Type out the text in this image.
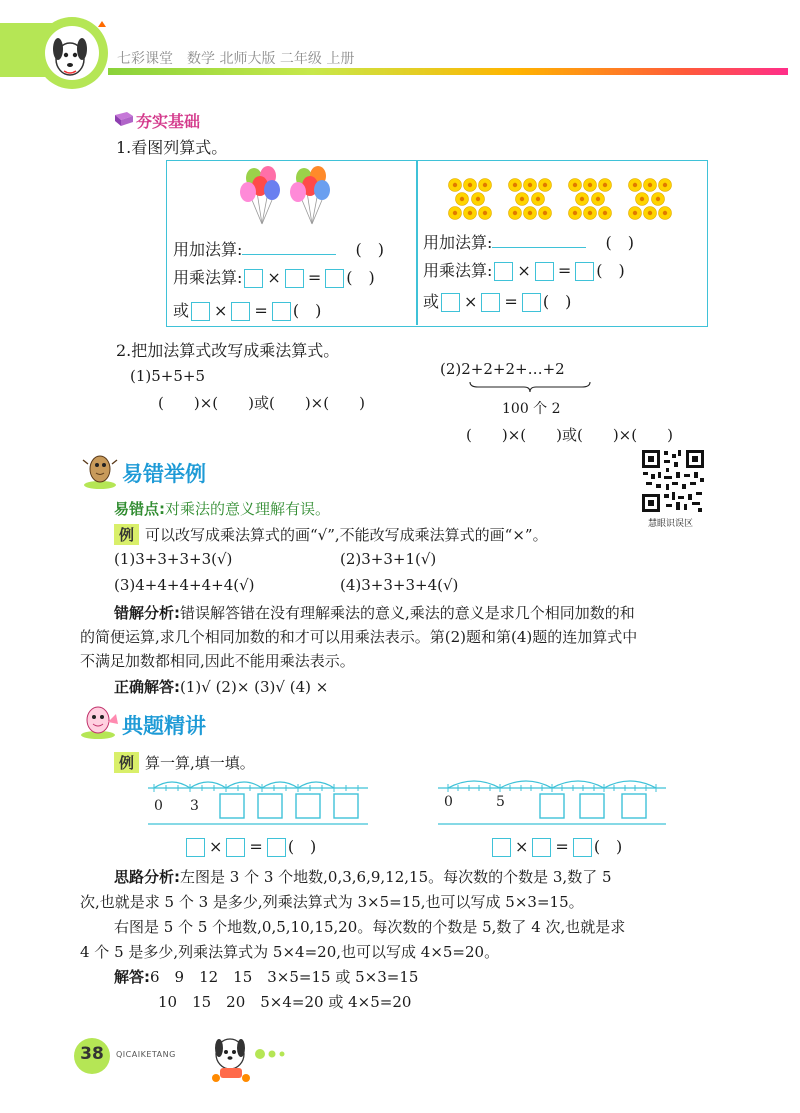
七彩课堂　数学 北师大版 二年级 上册
夯实基础
1.看图列算式。
用加法算:	(　)
用乘法算: × = (　)
或 × = (　)
用加法算:	(　)
用乘法算: × = (　)
或 × = (　)
2.把加法算式改写成乘法算式。
(1)5+5+5
(　　)×(　　)或(　　)×(　　)
(2)2+2+2+…+2
100 个 2
(　　)×(　　)或(　　)×(　　)
易错举例
慧眼识误区
易错点:对乘法的意义理解有误。
例 可以改写成乘法算式的画“√”,不能改写成乘法算式的画“×”。
(1)3+3+3+3(√)	(2)3+3+1(√)
(3)4+4+4+4+4(√)	(4)3+3+3+4(√)
错解分析:错误解答错在没有理解乘法的意义,乘法的意义是求几个相同加数的和
的简便运算,求几个相同加数的和才可以用乘法表示。第(2)题和第(4)题的连加算式中
不满足加数都相同,因此不能用乘法表示。
正确解答:(1)√ (2)× (3)√ (4) ×
典题精讲
例 算一算,填一填。
0 3	0	5
× = (　)	× = (　)
思路分析:左图是 3 个 3 个地数,0,3,6,9,12,15。每次数的个数是 3,数了 5
次,也就是求 5 个 3 是多少,列乘法算式为 3×5=15,也可以写成 5×3=15。
右图是 5 个 5 个地数,0,5,10,15,20。每次数的个数是 5,数了 4 次,也就是求
4 个 5 是多少,列乘法算式为 5×4=20,也可以写成 4×5=20。
解答:6　9　12　15　3×5=15 或 5×3=15
10　15　20　5×4=20 或 4×5=20
38	QICAIKETANG
